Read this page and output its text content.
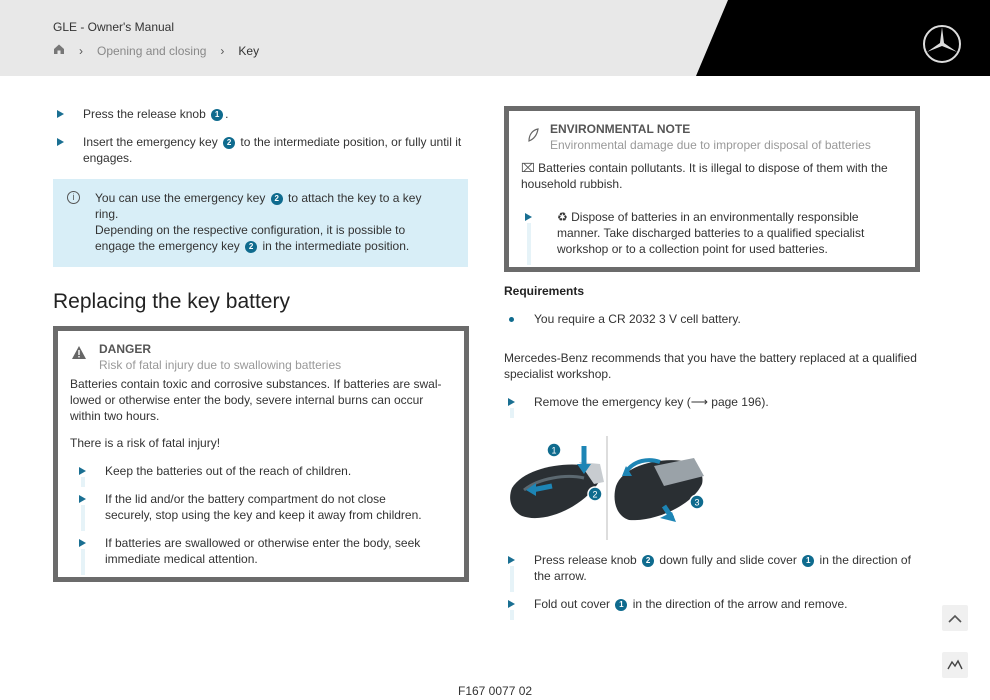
GLE - Owner's Manual
› Opening and closing › Key
Press the release knob 1 .
Insert the emergency key 2 to the intermediate position, or fully until it
engages.
i	You can use the emergency key 2 to attach the key to a key
ring.
Depending on the respective configuration, it is possible to
engage the emergency key 2 in the intermediate position.
Replacing the key battery
DANGER
Risk of fatal injury due to swallowing batteries
Batteries contain toxic and corrosive substances. If batteries are swal-
lowed or otherwise enter the body, severe internal burns can occur
within two hours.
There is a risk of fatal injury!
Keep the batteries out of the reach of children.
If the lid and/or the battery compartment do not close
securely, stop using the key and keep it away from children.
If batteries are swallowed or otherwise enter the body, seek
immediate medical attention.
ENVIRONMENTAL NOTE
Environmental damage due to improper disposal of batteries
⌧ Batteries contain pollutants. It is illegal to dispose of them with the
household rubbish.
♻ Dispose of batteries in an environmentally responsible
manner. Take discharged batteries to a qualified specialist
workshop or to a collection point for used batteries.
Requirements
You require a CR 2032 3 V cell battery.
Mercedes-Benz recommends that you have the battery replaced at a qualified
specialist workshop.
Remove the emergency key (⟶ page 196).
1
2
3
Press release knob 2 down fully and slide cover 1 in the direction of
the arrow.
Fold out cover 1 in the direction of the arrow and remove.
F167 0077 02
